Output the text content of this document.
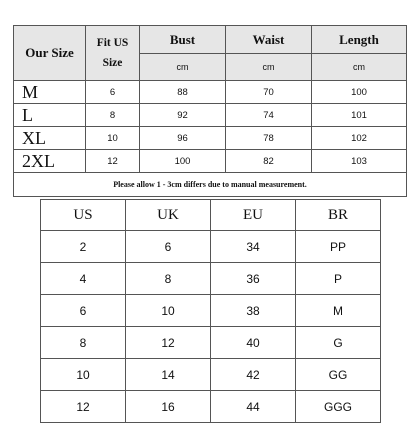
Our Size	Fit US Size	Bust	Waist	Length
		cm	cm	cm
M	6	88	70	100
L	8	92	74	101
XL	10	96	78	102
2XL	12	100	82	103
Please allow 1 - 3cm differs due to manual measurement.				
US	UK	EU	BR
2	6	34	PP
4	8	36	P
6	10	38	M
8	12	40	G
10	14	42	GG
12	16	44	GGG
